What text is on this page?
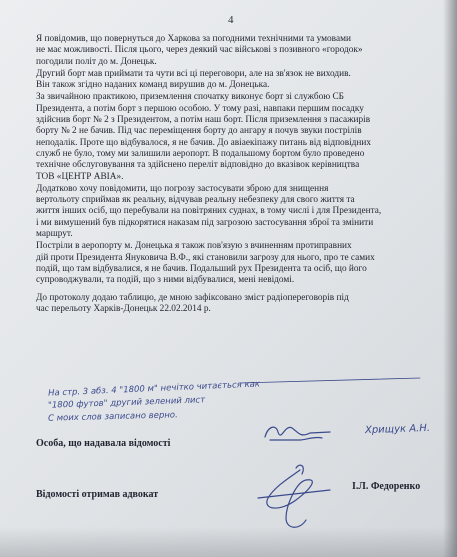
4

Я повідомив, що повернуться до Харкова за погодними технічними та умовами
не має можливості. Після цього, через деякий час військові з позивного «городок»
погодили політ до м. Донецьк.

Другий борт мав приймати та чути всі ці переговори, але на зв'язок не виходив.
Він також згідно наданих команд вирушив до м. Донецька.

За звичайною практикою, приземлення спочатку виконує борт зі службою СБ
Президента, а потім борт з першою особою. У тому разі, навпаки першим посадку
здійснив борт № 2 з Президентом, а потім наш борт. Після приземлення з пасажирів
борту № 2 не бачив. Під час переміщення борту до ангару я почув звуки пострілів
неподалік. Проте що відбувалося, я не бачив. До авіаекіпажу питань від відповідних
служб не було, тому ми залишили аеропорт. В подальшому бортом було проведено
технічне обслуговування та здійснено переліт відповідно до вказівок керівництва
ТОВ «ЦЕНТР АВІА».

Додатково хочу повідомити, що погрозу застосувати зброю для знищення
вертольоту сприймав як реальну, відчував реальну небезпеку для свого життя та
життя інших осіб, що перебували на повітряних суднах, в тому числі і для Президента,
і ми вимушений був підкорятися наказам під загрозою застосування зброї та змінити
маршрут.

Постріли в аеропорту м. Донецька я також пов'язую з вчиненням протиправних
дій проти Президента Януковича В.Ф., які становили загрозу для нього, про те самих
подій, що там відбувалися, я не бачив. Подальший рух Президента та осіб, що його
супроводжували, та подій, що з ними відбувалися, мені невідомі.

До протоколу додаю таблицю, де мною зафіксовано зміст радіопереговорів під
час перельоту Харків-Донецьк 22.02.2014 р.

На стр. 3 абз. 4 "1800 м" нечітко читається как
"1800 футов" другий зелений лист
С моих слов записано верно.
Особа, що надавала відомості
Хрищук А.Н.
Відомості отримав адвокат
І.Л. Федоренко
